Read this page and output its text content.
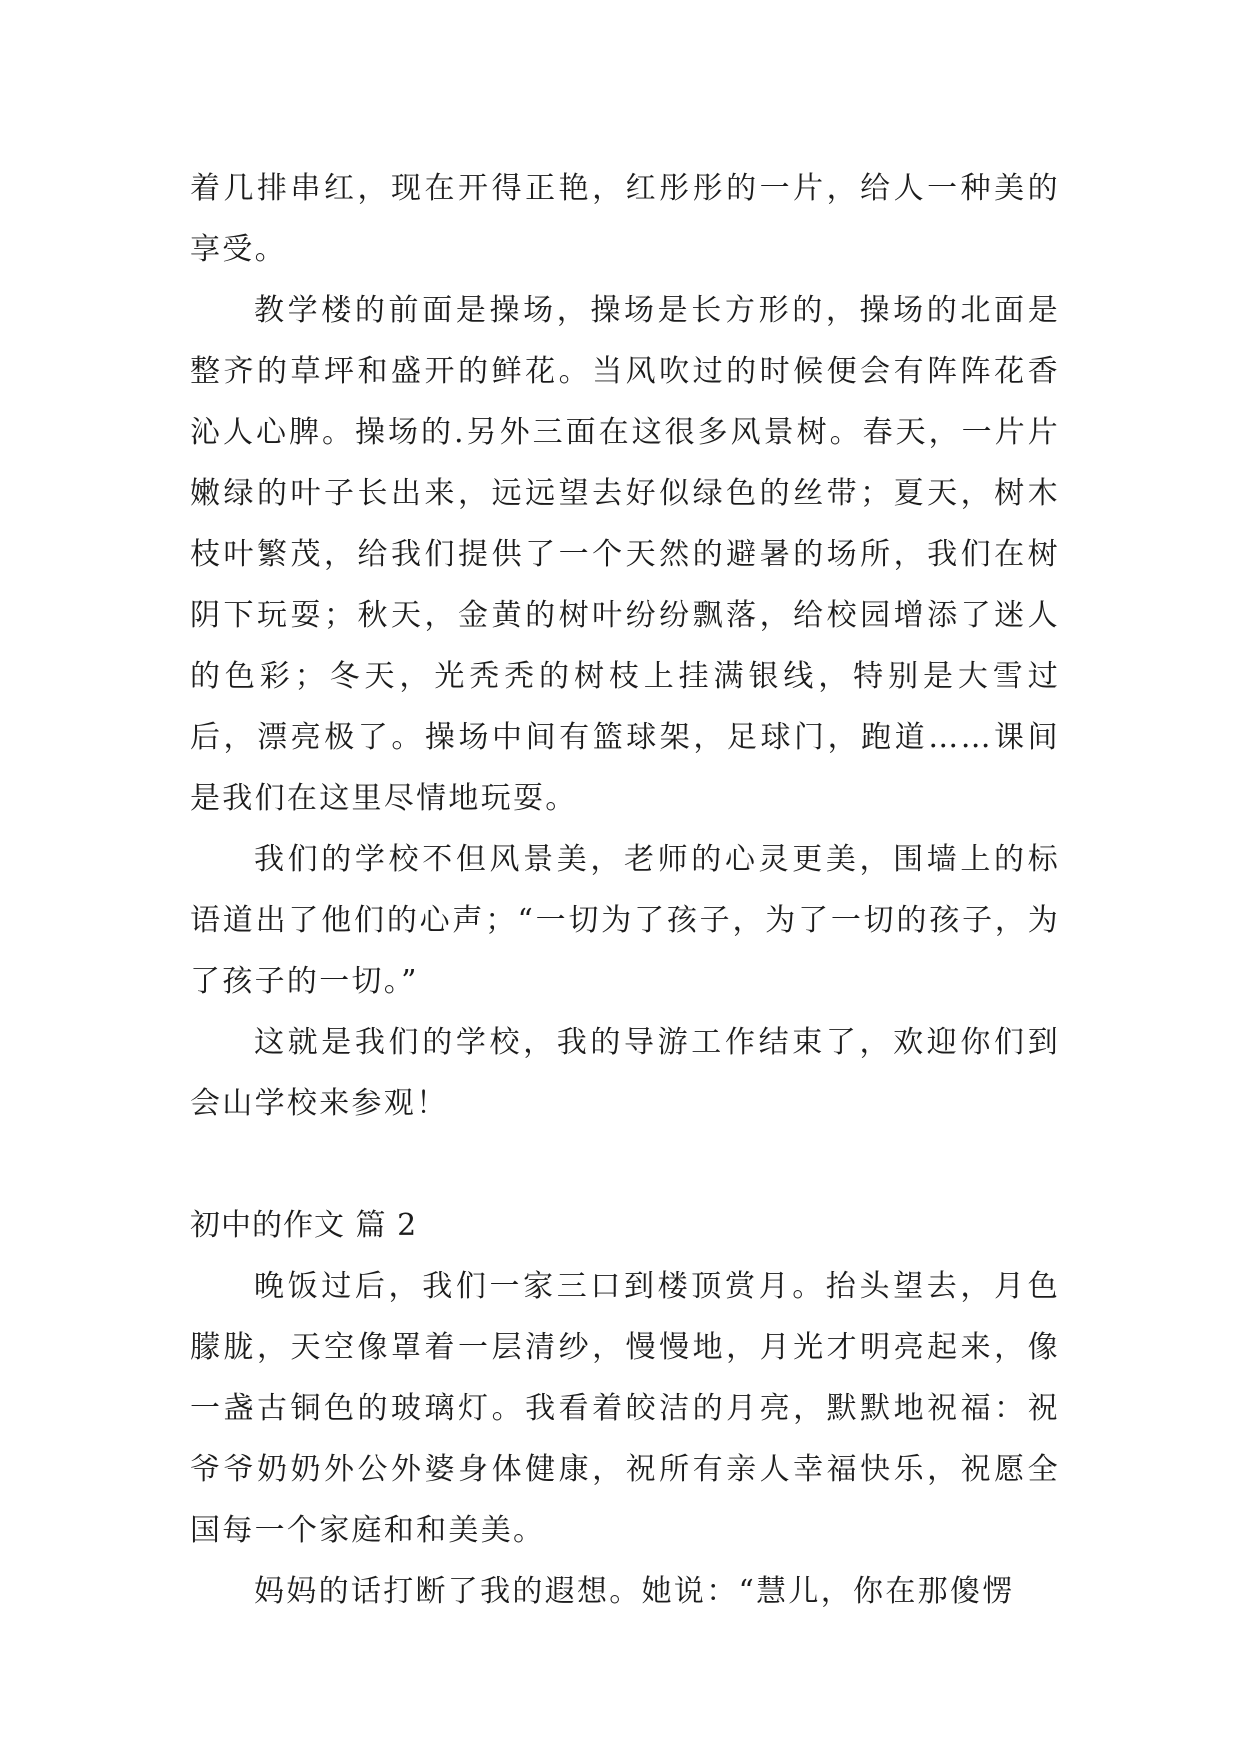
着几排串红，现在开得正艳，红彤彤的一片，给人一种美的享受。

教学楼的前面是操场，操场是长方形的，操场的北面是整齐的草坪和盛开的鲜花。当风吹过的时候便会有阵阵花香沁人心脾。操场的.另外三面在这很多风景树。春天，一片片嫩绿的叶子长出来，远远望去好似绿色的丝带；夏天，树木枝叶繁茂，给我们提供了一个天然的避暑的场所，我们在树阴下玩耍；秋天，金黄的树叶纷纷飘落，给校园增添了迷人的色彩；冬天，光秃秃的树枝上挂满银线，特别是大雪过后，漂亮极了。操场中间有篮球架，足球门，跑道……课间是我们在这里尽情地玩耍。

我们的学校不但风景美，老师的心灵更美，围墙上的标语道出了他们的心声；“一切为了孩子，为了一切的孩子，为了孩子的一切。”

这就是我们的学校，我的导游工作结束了，欢迎你们到会山学校来参观！

初中的作文 篇 2

晚饭过后，我们一家三口到楼顶赏月。抬头望去，月色朦胧，天空像罩着一层清纱，慢慢地，月光才明亮起来，像一盏古铜色的玻璃灯。我看着皎洁的月亮，默默地祝福：祝爷爷奶奶外公外婆身体健康，祝所有亲人幸福快乐，祝愿全国每一个家庭和和美美。

妈妈的话打断了我的遐想。她说：“慧儿，你在那傻愣
